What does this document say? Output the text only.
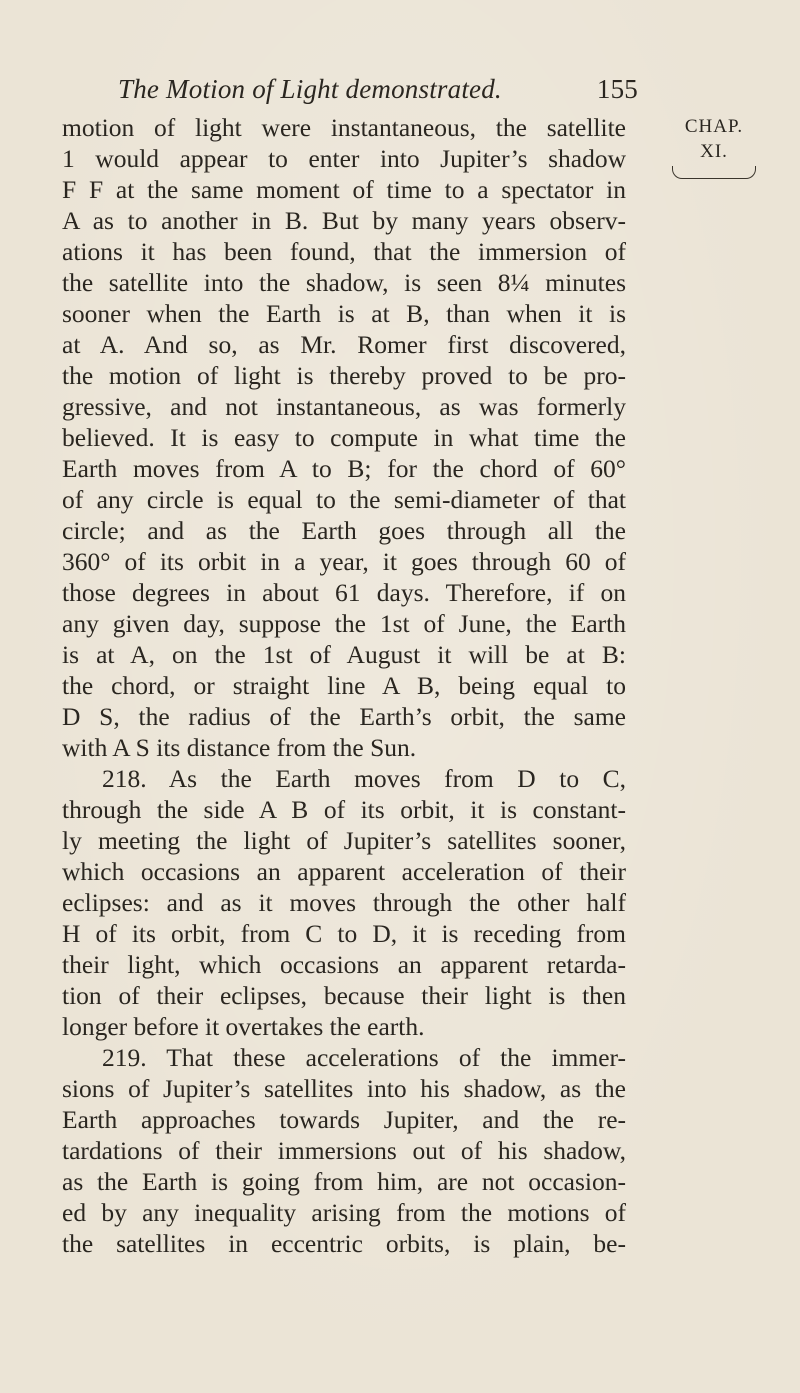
The Motion of Light demonstrated.	155
CHAP.
XI.
motion of light were instantaneous, the satellite
1 would appear to enter into Jupiter’s shadow
F F at the same moment of time to a spectator in
A as to another in B. But by many years observ-
ations it has been found, that the immersion of
the satellite into the shadow, is seen 8¼ minutes
sooner when the Earth is at B, than when it is
at A. And so, as Mr. Romer first discovered,
the motion of light is thereby proved to be pro-
gressive, and not instantaneous, as was formerly
believed. It is easy to compute in what time the
Earth moves from A to B; for the chord of 60°
of any circle is equal to the semi-diameter of that
circle; and as the Earth goes through all the
360° of its orbit in a year, it goes through 60 of
those degrees in about 61 days. Therefore, if on
any given day, suppose the 1st of June, the Earth
is at A, on the 1st of August it will be at B:
the chord, or straight line A B, being equal to
D S, the radius of the Earth’s orbit, the same
with A S its distance from the Sun.
218. As the Earth moves from D to C,
through the side A B of its orbit, it is constant-
ly meeting the light of Jupiter’s satellites sooner,
which occasions an apparent acceleration of their
eclipses: and as it moves through the other half
H of its orbit, from C to D, it is receding from
their light, which occasions an apparent retarda-
tion of their eclipses, because their light is then
longer before it overtakes the earth.
219. That these accelerations of the immer-
sions of Jupiter’s satellites into his shadow, as the
Earth approaches towards Jupiter, and the re-
tardations of their immersions out of his shadow,
as the Earth is going from him, are not occasion-
ed by any inequality arising from the motions of
the satellites in eccentric orbits, is plain, be-
